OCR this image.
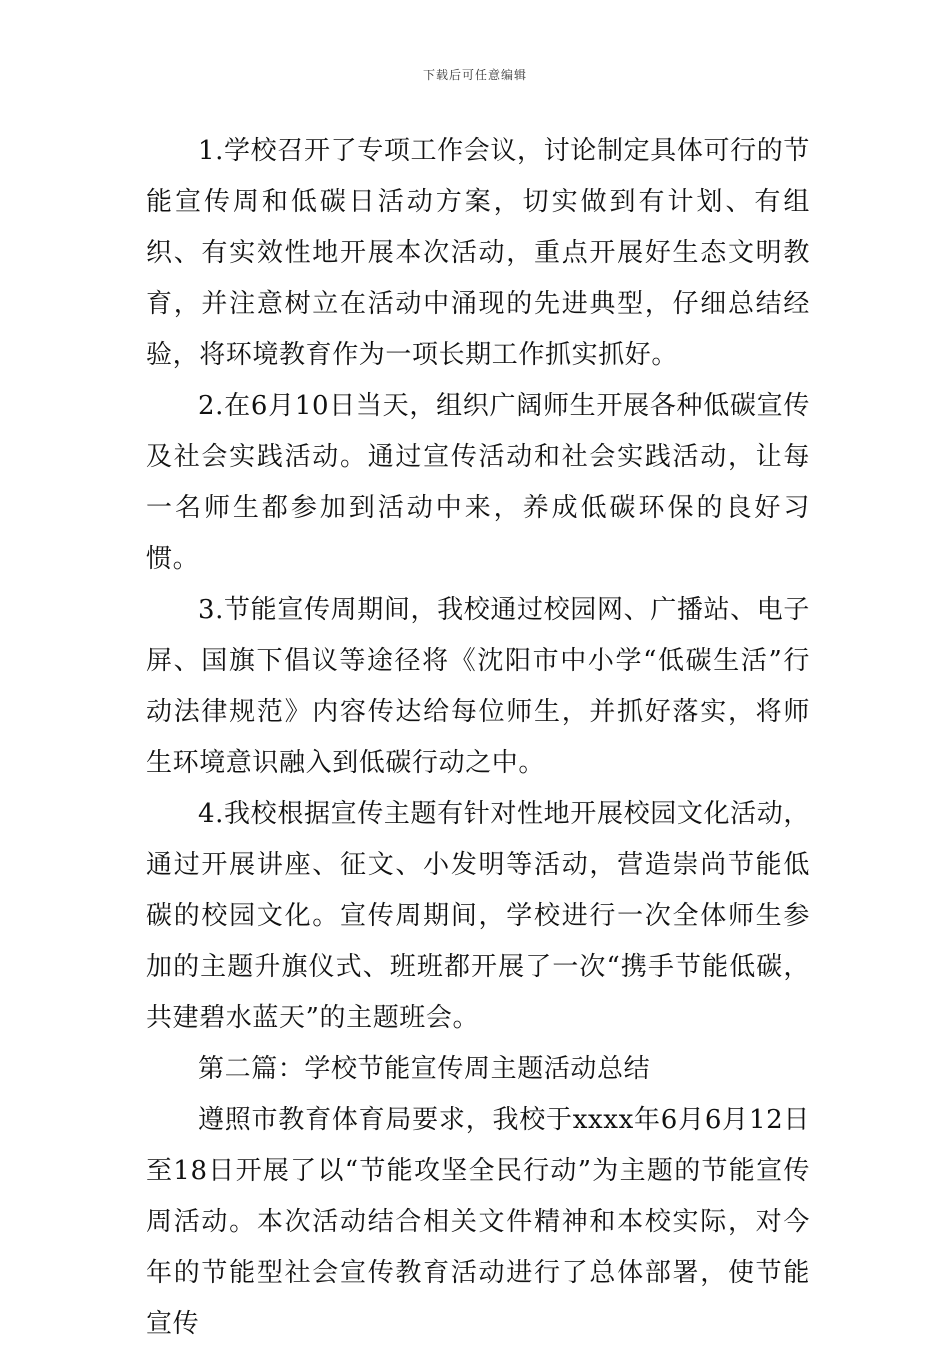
下载后可任意编辑

1.学校召开了专项工作会议，讨论制定具体可行的节能宣传周和低碳日活动方案，切实做到有计划、有组织、有实效性地开展本次活动，重点开展好生态文明教育，并注意树立在活动中涌现的先进典型，仔细总结经验，将环境教育作为一项长期工作抓实抓好。

2.在6月10日当天，组织广阔师生开展各种低碳宣传及社会实践活动。通过宣传活动和社会实践活动，让每一名师生都参加到活动中来，养成低碳环保的良好习惯。

3.节能宣传周期间，我校通过校园网、广播站、电子屏、国旗下倡议等途径将《沈阳市中小学“低碳生活”行动法律规范》内容传达给每位师生，并抓好落实，将师生环境意识融入到低碳行动之中。

4.我校根据宣传主题有针对性地开展校园文化活动，通过开展讲座、征文、小发明等活动，营造崇尚节能低碳的校园文化。宣传周期间，学校进行一次全体师生参加的主题升旗仪式、班班都开展了一次“携手节能低碳，共建碧水蓝天”的主题班会。

第二篇：学校节能宣传周主题活动总结

遵照市教育体育局要求，我校于xxxx年6月6月12日至18日开展了以“节能攻坚全民行动”为主题的节能宣传周活动。本次活动结合相关文件精神和本校实际，对今年的节能型社会宣传教育活动进行了总体部署，使节能宣传
